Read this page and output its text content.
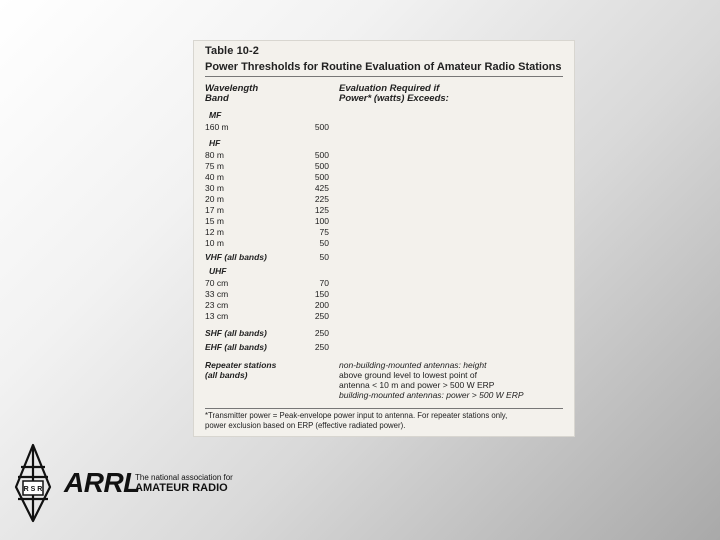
Table 10-2
Power Thresholds for Routine Evaluation of Amateur Radio Stations
Wavelength
Band
Evaluation Required if
Power* (watts) Exceeds:
MF
160 m	500
HF
80 m	500
75 m	500
40 m	500
30 m	425
20 m	225
17 m	125
15 m	100
12 m	75
10 m	50
VHF (all bands)	50
UHF
70 cm	70
33 cm	150
23 cm	200
13 cm	250
SHF (all bands)	250
EHF (all bands)	250
Repeater stations
(all bands)
non-building-mounted antennas: height
above ground level to lowest point of
antenna < 10 m and power > 500 W ERP
building-mounted antennas: power > 500 W ERP
*Transmitter power = Peak-envelope power input to antenna. For repeater stations only,
power exclusion based on ERP (effective radiated power).
R S R ARRL
The national association for
AMATEUR RADIO
